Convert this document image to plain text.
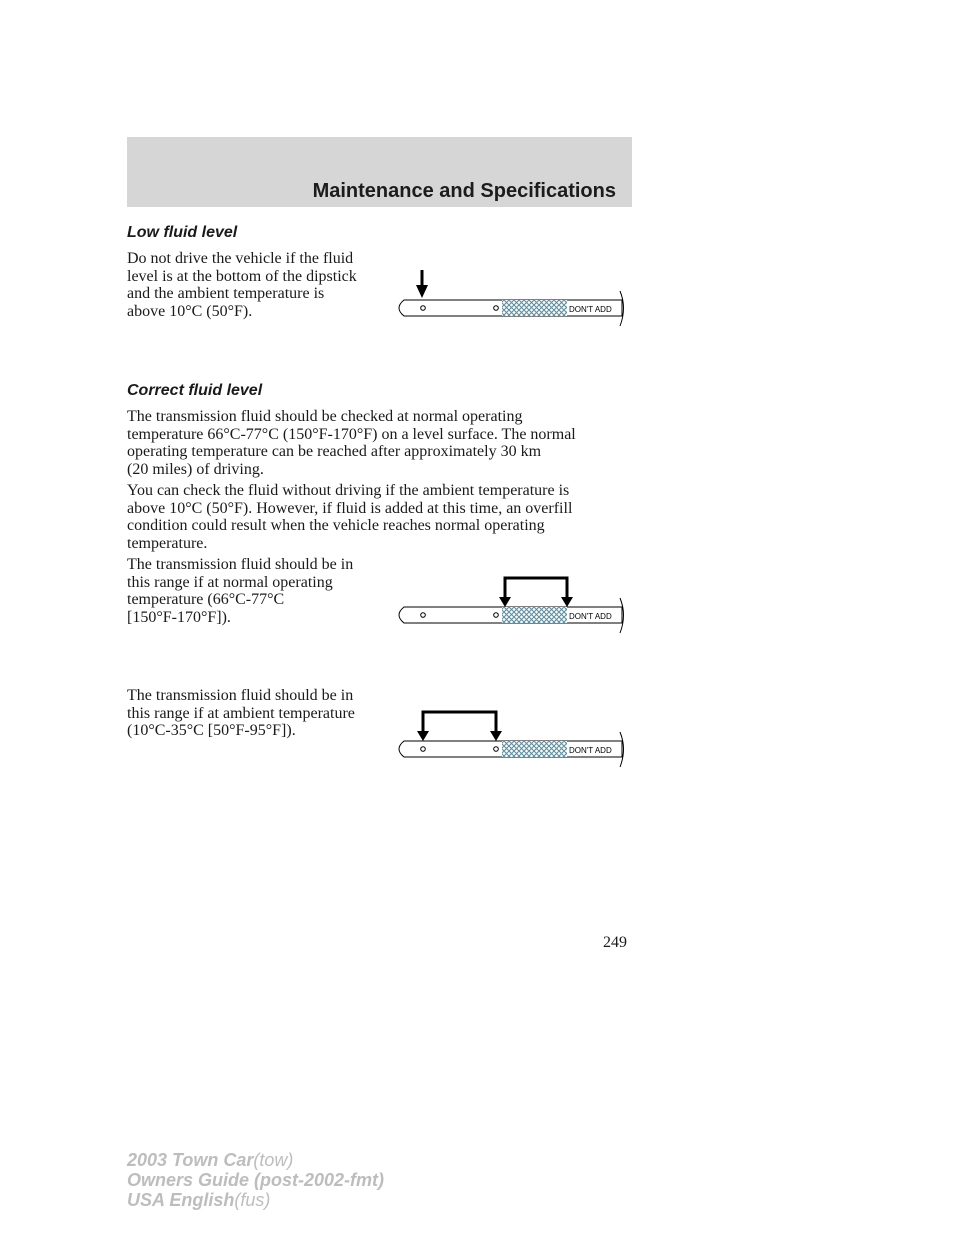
Maintenance and Specifications
Low fluid level
Do not drive the vehicle if the fluid
level is at the bottom of the dipstick
and the ambient temperature is
above 10°C (50°F).	DON'T ADD
Correct fluid level
The transmission fluid should be checked at normal operating
temperature 66°C-77°C (150°F-170°F) on a level surface. The normal
operating temperature can be reached after approximately 30 km
(20 miles) of driving.
You can check the fluid without driving if the ambient temperature is
above 10°C (50°F). However, if fluid is added at this time, an overfill
condition could result when the vehicle reaches normal operating
temperature.
The transmission fluid should be in
this range if at normal operating
temperature (66°C-77°C
[150°F-170°F]).	DON'T ADD
The transmission fluid should be in
this range if at ambient temperature
(10°C-35°C [50°F-95°F]).
DON'T ADD
249
2003 Town Car(tow)
Owners Guide (post-2002-fmt)
USA English(fus)
